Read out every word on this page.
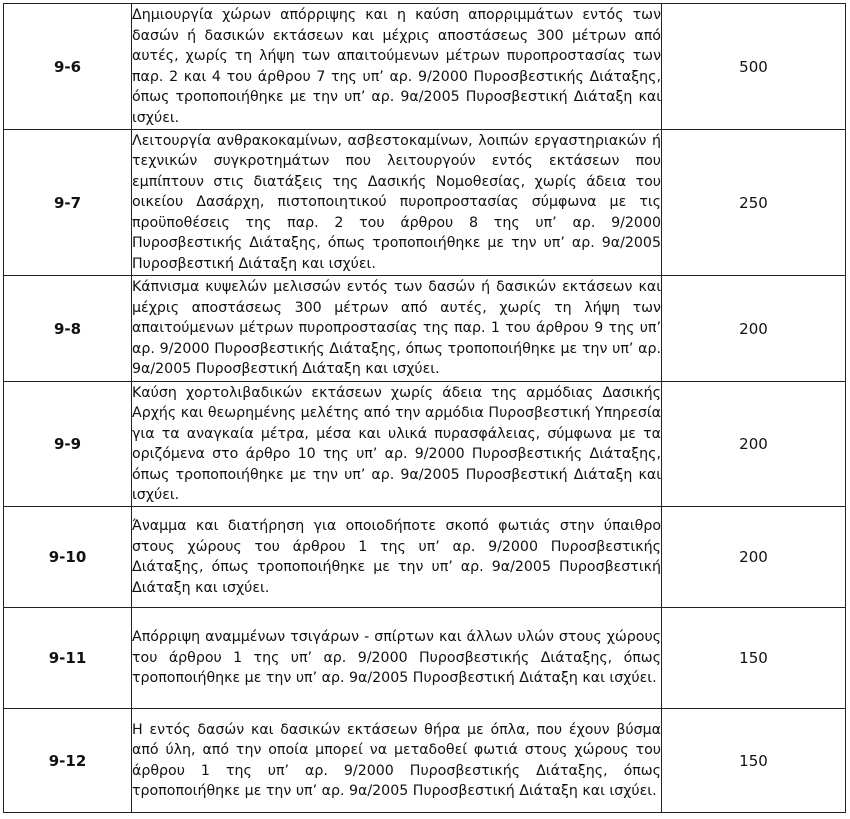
9-6	Δημιουργία χώρων απόρριψης και η καύση απορριμμάτων εντός των δασών ή δασικών εκτάσεων και μέχρις αποστάσεως 300 μέτρων από αυτές, χωρίς τη λήψη των απαιτούμενων μέτρων πυροπροστασίας των παρ. 2 και 4 του άρθρου 7 της υπ’ αρ. 9/2000 Πυροσβεστικής Διάταξης, όπως τροποποιήθηκε με την υπ’ αρ. 9α/2005 Πυροσβεστική Διάταξη και ισχύει.	500
9-7	Λειτουργία ανθρακοκαμίνων, ασβεστοκαμίνων, λοιπών εργαστηριακών ή τεχνικών συγκροτημάτων που λειτουργούν εντός εκτάσεων που εμπίπτουν στις διατάξεις της Δασικής Νομοθεσίας, χωρίς άδεια του οικείου Δασάρχη, πιστοποιητικού πυροπροστασίας σύμφωνα με τις προϋποθέσεις της παρ. 2 του άρθρου 8 της υπ’ αρ. 9/2000 Πυροσβεστικής Διάταξης, όπως τροποποιήθηκε με την υπ’ αρ. 9α/2005 Πυροσβεστική Διάταξη και ισχύει.	250
9-8	Κάπνισμα κυψελών μελισσών εντός των δασών ή δασικών εκτάσεων και μέχρις αποστάσεως 300 μέτρων από αυτές, χωρίς τη λήψη των απαιτούμενων μέτρων πυροπροστασίας της παρ. 1 του άρθρου 9 της υπ’ αρ. 9/2000 Πυροσβεστικής Διάταξης, όπως τροποποιήθηκε με την υπ’ αρ. 9α/2005 Πυροσβεστική Διάταξη και ισχύει.	200
9-9	Καύση χορτολιβαδικών εκτάσεων χωρίς άδεια της αρμόδιας Δασικής Αρχής και θεωρημένης μελέτης από την αρμόδια Πυροσβεστική Υπηρεσία για τα αναγκαία μέτρα, μέσα και υλικά πυρασφάλειας, σύμφωνα με τα οριζόμενα στο άρθρο 10 της υπ’ αρ. 9/2000 Πυροσβεστικής Διάταξης, όπως τροποποιήθηκε με την υπ’ αρ. 9α/2005 Πυροσβεστική Διάταξη και ισχύει.	200
9-10	Άναμμα και διατήρηση για οποιοδήποτε σκοπό φωτιάς στην ύπαιθρο στους χώρους του άρθρου 1 της υπ’ αρ. 9/2000 Πυροσβεστικής Διάταξης, όπως τροποποιήθηκε με την υπ’ αρ. 9α/2005 Πυροσβεστική Διάταξη και ισχύει.	200
9-11	Απόρριψη αναμμένων τσιγάρων - σπίρτων και άλλων υλών στους χώρους του άρθρου 1 της υπ’ αρ. 9/2000 Πυροσβεστικής Διάταξης, όπως τροποποιήθηκε με την υπ’ αρ. 9α/2005 Πυροσβεστική Διάταξη και ισχύει.	150
9-12	Η εντός δασών και δασικών εκτάσεων θήρα με όπλα, που έχουν βύσμα από ύλη, από την οποία μπορεί να μεταδοθεί φωτιά στους χώρους του άρθρου 1 της υπ’ αρ. 9/2000 Πυροσβεστικής Διάταξης, όπως τροποποιήθηκε με την υπ’ αρ. 9α/2005 Πυροσβεστική Διάταξη και ισχύει.	150
